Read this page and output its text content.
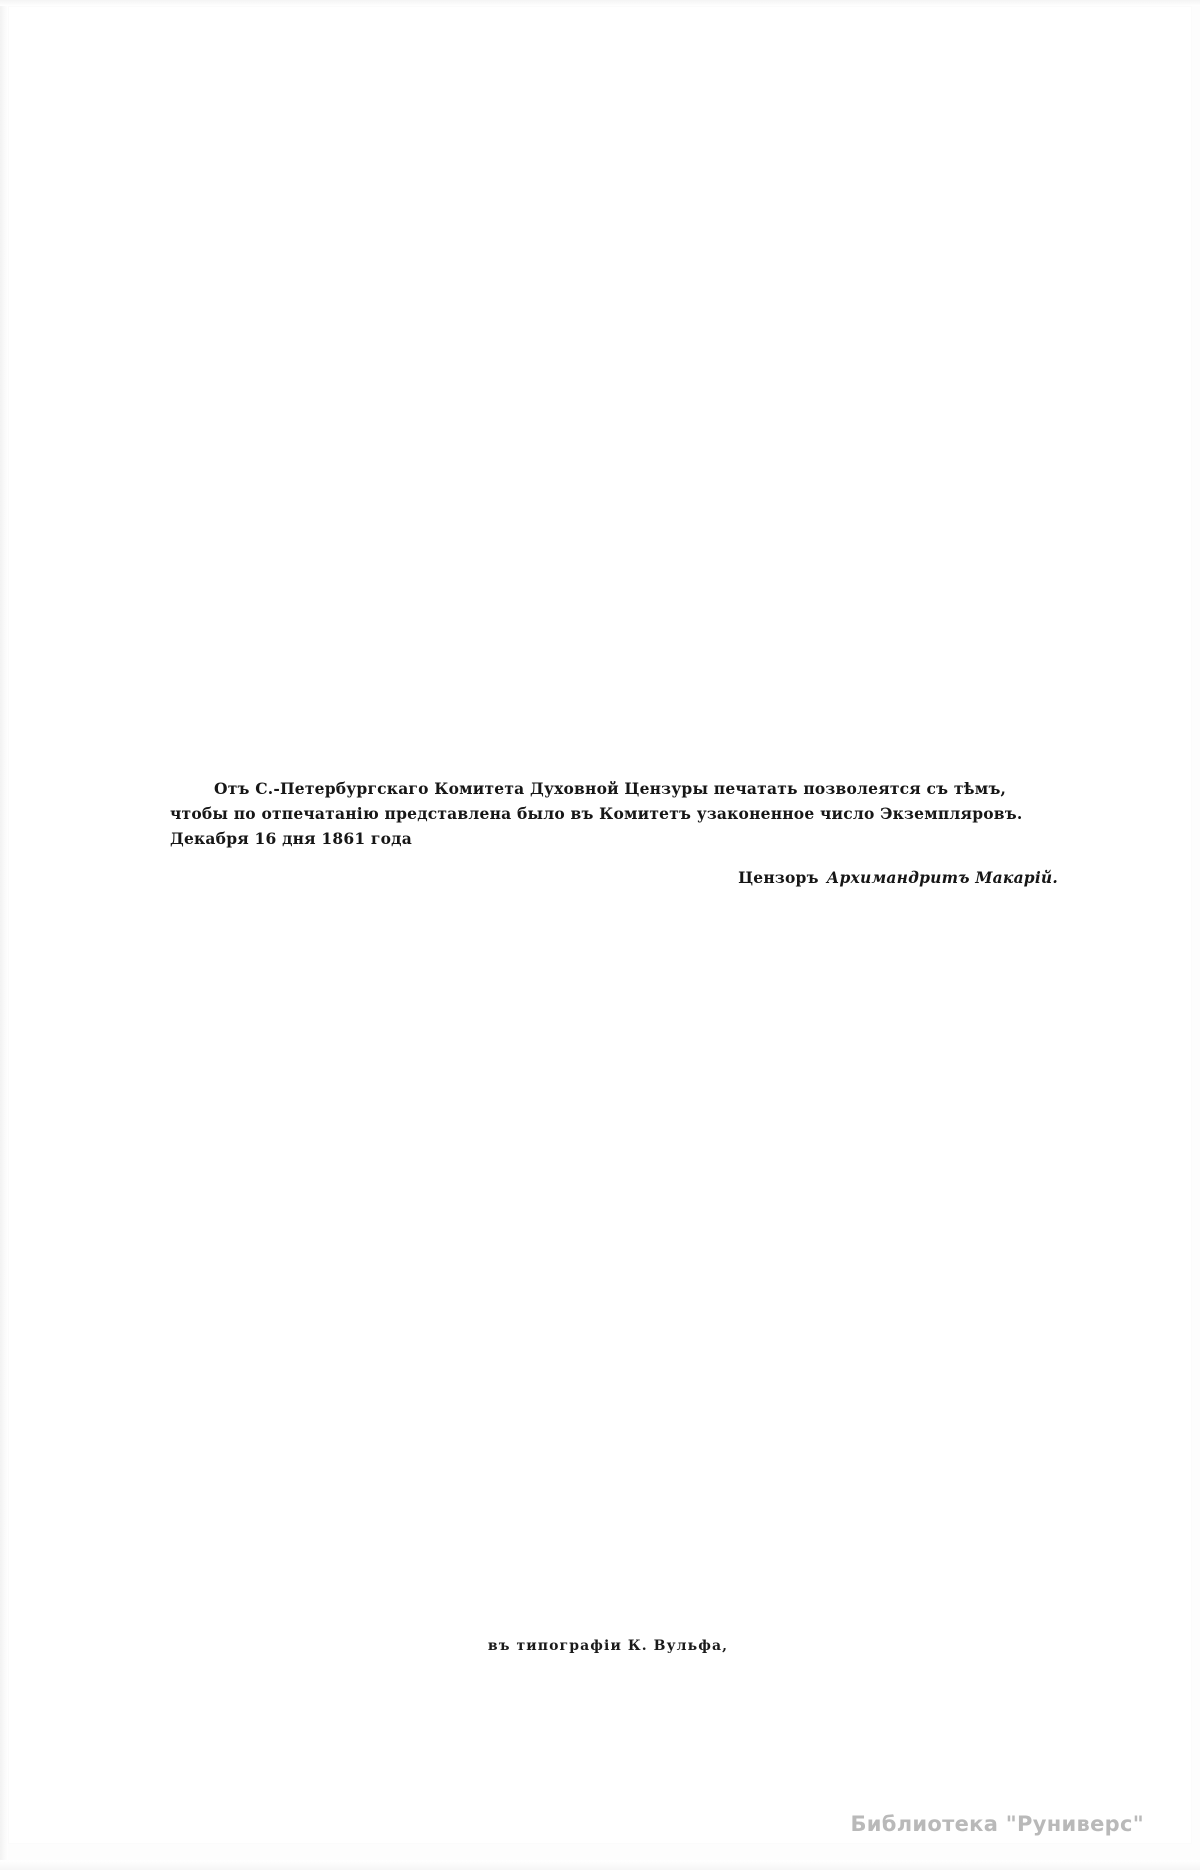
Отъ С.-Петербургскаго Комитета Духовной Цензуры печатать позволеятся съ тѣмъ,
чтобы по отпечатанію представлена было въ Комитетъ узаконенное число Экземпляровъ.
Декабря 16 дня 1861 года
Цензоръ Архимандритъ Макарій.
въ типографіи К. Вульфа,
Библиотека "Руниверс"
